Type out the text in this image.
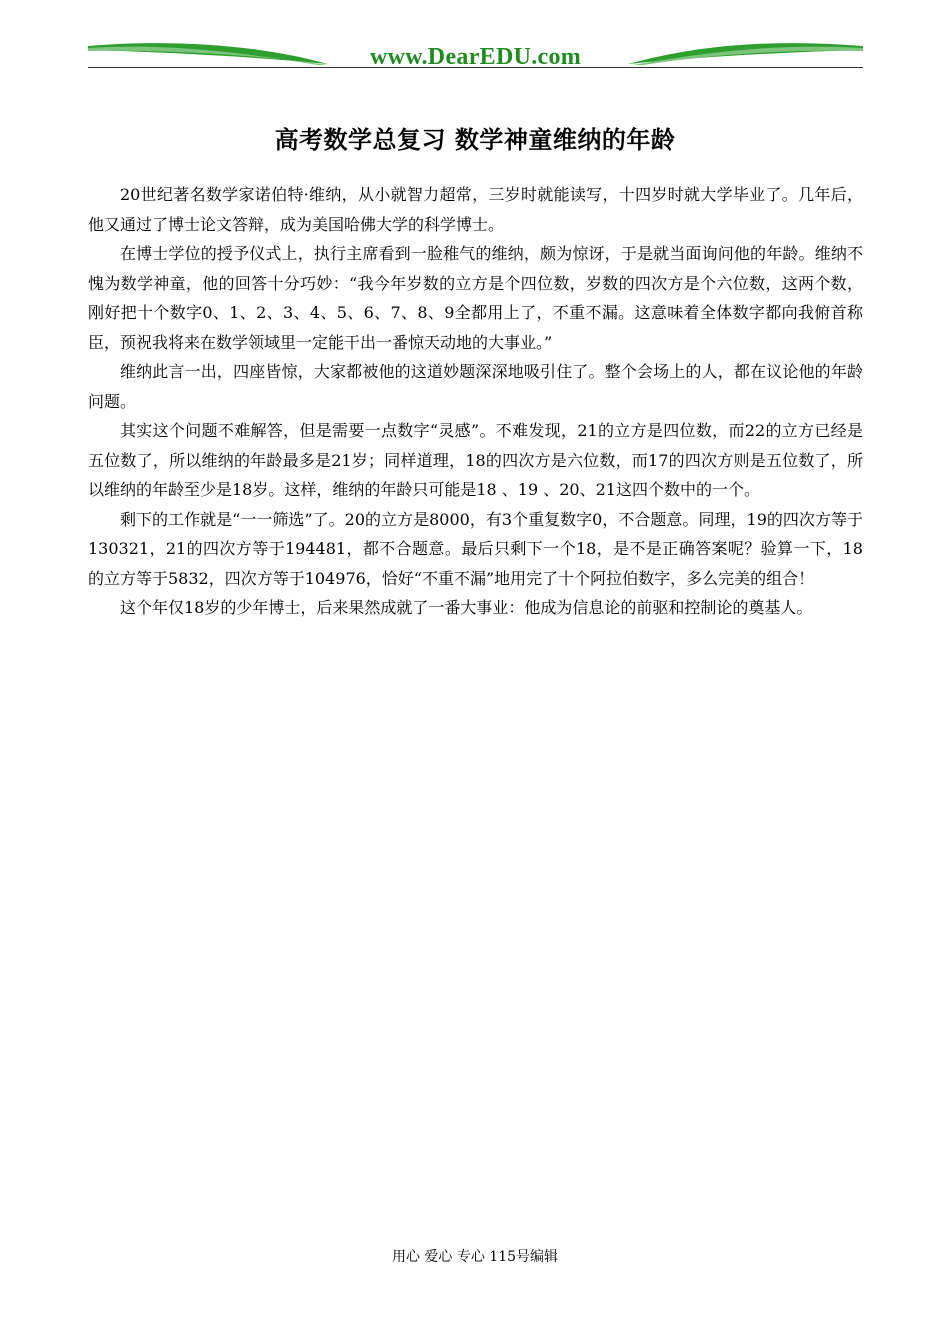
www.DearEDU.com
高考数学总复习 数学神童维纳的年龄

20世纪著名数学家诺伯特·维纳，从小就智力超常，三岁时就能读写，十四岁时就大学毕业了。几年后，他又通过了博士论文答辩，成为美国哈佛大学的科学博士。

在博士学位的授予仪式上，执行主席看到一脸稚气的维纳，颇为惊讶，于是就当面询问他的年龄。维纳不愧为数学神童，他的回答十分巧妙：“我今年岁数的立方是个四位数，岁数的四次方是个六位数，这两个数，刚好把十个数字0、1、2、3、4、5、6、7、8、9全都用上了，不重不漏。这意味着全体数字都向我俯首称臣，预祝我将来在数学领域里一定能干出一番惊天动地的大事业。”

维纳此言一出，四座皆惊，大家都被他的这道妙题深深地吸引住了。整个会场上的人，都在议论他的年龄问题。

其实这个问题不难解答，但是需要一点数字“灵感”。不难发现，21的立方是四位数，而22的立方已经是五位数了，所以维纳的年龄最多是21岁；同样道理，18的四次方是六位数，而17的四次方则是五位数了，所以维纳的年龄至少是18岁。这样，维纳的年龄只可能是18 、19 、20、21这四个数中的一个。

剩下的工作就是“一一筛选”了。20的立方是8000，有3个重复数字0，不合题意。同理，19的四次方等于130321，21的四次方等于194481，都不合题意。最后只剩下一个18，是不是正确答案呢？验算一下，18的立方等于5832，四次方等于104976，恰好“不重不漏”地用完了十个阿拉伯数字，多么完美的组合！

这个年仅18岁的少年博士，后来果然成就了一番大事业：他成为信息论的前驱和控制论的奠基人。

用心 爱心 专心 115号编辑
